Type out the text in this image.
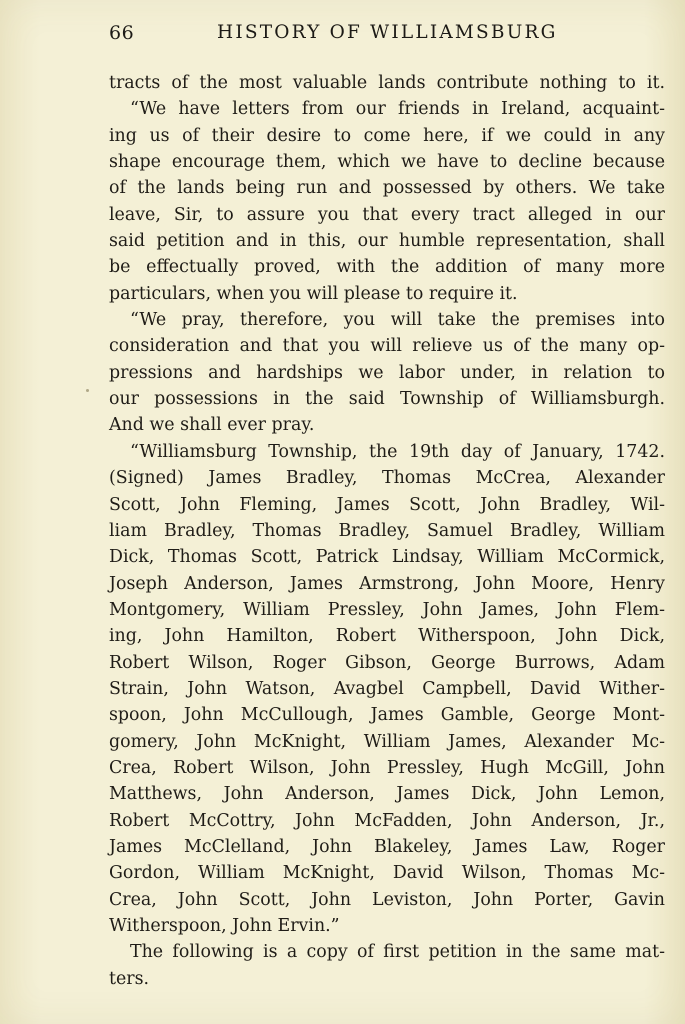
66	HISTORY OF WILLIAMSBURG
tracts of the most valuable lands contribute nothing to it.
“We have letters from our friends in Ireland, acquaint-
ing us of their desire to come here, if we could in any
shape encourage them, which we have to decline because
of the lands being run and possessed by others. We take
leave, Sir, to assure you that every tract alleged in our
said petition and in this, our humble representation, shall
be effectually proved, with the addition of many more
particulars, when you will please to require it.
“We pray, therefore, you will take the premises into
consideration and that you will relieve us of the many op-
pressions and hardships we labor under, in relation to
our possessions in the said Township of Williamsburgh.
And we shall ever pray.
“Williamsburg Township, the 19th day of January, 1742.
(Signed) James Bradley, Thomas McCrea, Alexander
Scott, John Fleming, James Scott, John Bradley, Wil-
liam Bradley, Thomas Bradley, Samuel Bradley, William
Dick, Thomas Scott, Patrick Lindsay, William McCormick,
Joseph Anderson, James Armstrong, John Moore, Henry
Montgomery, William Pressley, John James, John Flem-
ing, John Hamilton, Robert Witherspoon, John Dick,
Robert Wilson, Roger Gibson, George Burrows, Adam
Strain, John Watson, Avagbel Campbell, David Wither-
spoon, John McCullough, James Gamble, George Mont-
gomery, John McKnight, William James, Alexander Mc-
Crea, Robert Wilson, John Pressley, Hugh McGill, John
Matthews, John Anderson, James Dick, John Lemon,
Robert McCottry, John McFadden, John Anderson, Jr.,
James McClelland, John Blakeley, James Law, Roger
Gordon, William McKnight, David Wilson, Thomas Mc-
Crea, John Scott, John Leviston, John Porter, Gavin
Witherspoon, John Ervin.”
The following is a copy of first petition in the same mat-
ters.
